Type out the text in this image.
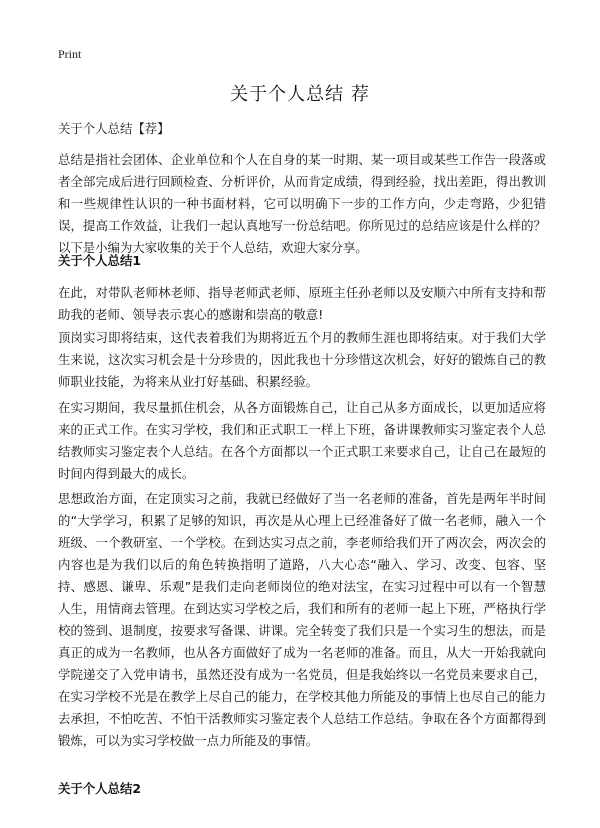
Print
关于个人总结 荐

关于个人总结【荐】

总结是指社会团体、企业单位和个人在自身的某一时期、某一项目或某些工作告一段落或者全部完成后进行回顾检查、分析评价，从而肯定成绩，得到经验，找出差距，得出教训和一些规律性认识的一种书面材料，它可以明确下一步的工作方向，少走弯路，少犯错误，提高工作效益，让我们一起认真地写一份总结吧。你所见过的总结应该是什么样的？以下是小编为大家收集的关于个人总结，欢迎大家分享。

关于个人总结1

在此，对带队老师林老师、指导老师武老师、原班主任孙老师以及安顺六中所有支持和帮助我的老师、领导表示衷心的感谢和崇高的敬意!

顶岗实习即将结束，这代表着我们为期将近五个月的教师生涯也即将结束。对于我们大学生来说，这次实习机会是十分珍贵的，因此我也十分珍惜这次机会，好好的锻炼自己的教师职业技能，为将来从业打好基础、积累经验。

在实习期间，我尽量抓住机会，从各方面锻炼自己，让自己从多方面成长，以更加适应将来的正式工作。在实习学校，我们和正式职工一样上下班，备讲课教师实习鉴定表个人总结教师实习鉴定表个人总结。在各个方面都以一个正式职工来要求自己，让自己在最短的时间内得到最大的成长。

思想政治方面，在定顶实习之前，我就已经做好了当一名老师的准备，首先是两年半时间的“大学学习，积累了足够的知识，再次是从心理上已经准备好了做一名老师，融入一个班级、一个教研室、一个学校。在到达实习点之前，李老师给我们开了两次会，两次会的内容也是为我们以后的角色转换指明了道路，八大心态“融入、学习、改变、包容、坚持、感恩、谦卑、乐观”是我们走向老师岗位的绝对法宝，在实习过程中可以有一个智慧人生，用情商去管理。在到达实习学校之后，我们和所有的老师一起上下班，严格执行学校的签到、退制度，按要求写备课、讲课。完全转变了我们只是一个实习生的想法，而是真正的成为一名教师，也从各方面做好了成为一名老师的准备。而且，从大一开始我就向学院递交了入党申请书，虽然还没有成为一名党员，但是我始终以一名党员来要求自己，在实习学校不光是在教学上尽自己的能力，在学校其他力所能及的事情上也尽自己的能力去承担，不怕吃苦、不怕干活教师实习鉴定表个人总结工作总结。争取在各个方面都得到锻炼，可以为实习学校做一点力所能及的事情。

关于个人总结2
